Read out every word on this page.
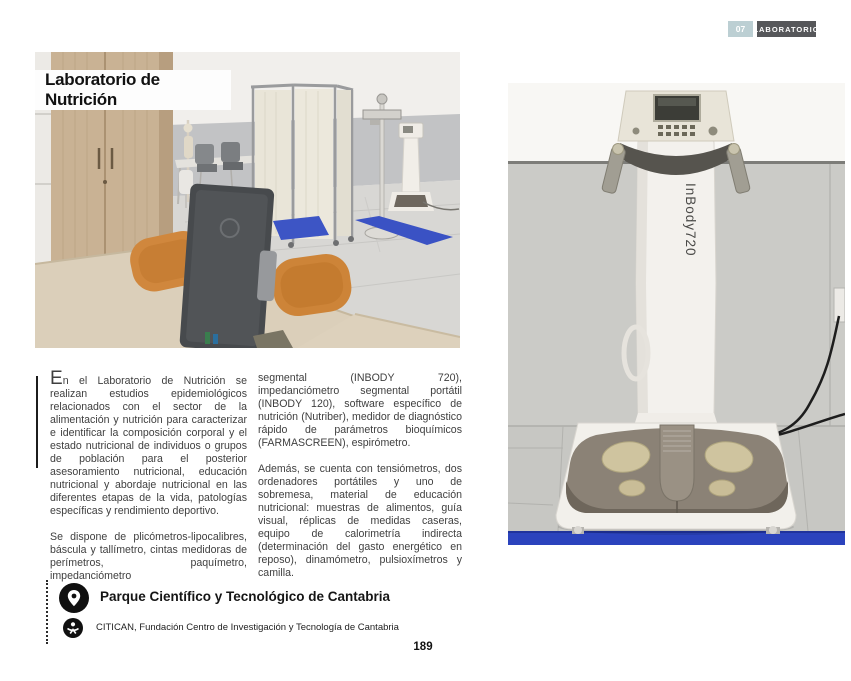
07	LABORATORIO
Laboratorio de Nutrición
InBody720

En el Laboratorio de Nutrición se realizan estudios epidemiológicos relacionados con el sector de la alimentación y nutrición para caracterizar e identificar la composición corporal y el estado nutricional de individuos o grupos de población para el posterior asesoramiento nutricional, educación nutricional y abordaje nutricional en las diferentes etapas de la vida, patologías específicas y rendimiento deportivo.

Se dispone de plicómetros-lipocalibres, báscula y tallímetro, cintas medidoras de perímetros, paquímetro, impedanciómetro

segmental (INBODY 720), impedanciómetro segmental portátil (INBODY 120), software específico de nutrición (Nutriber), medidor de diagnóstico rápido de parámetros bioquímicos (FARMASCREEN), espirómetro.

Además, se cuenta con tensiómetros, dos ordenadores portátiles y uno de sobremesa, material de educación nutricional: muestras de alimentos, guía visual, réplicas de medidas caseras, equipo de calorimetría indirecta (determinación del gasto energético en reposo), dinamómetro, pulsioxímetros y camilla.

Parque Científico y Tecnológico de Cantabria
CITICAN, Fundación Centro de Investigación y Tecnología de Cantabria
189
